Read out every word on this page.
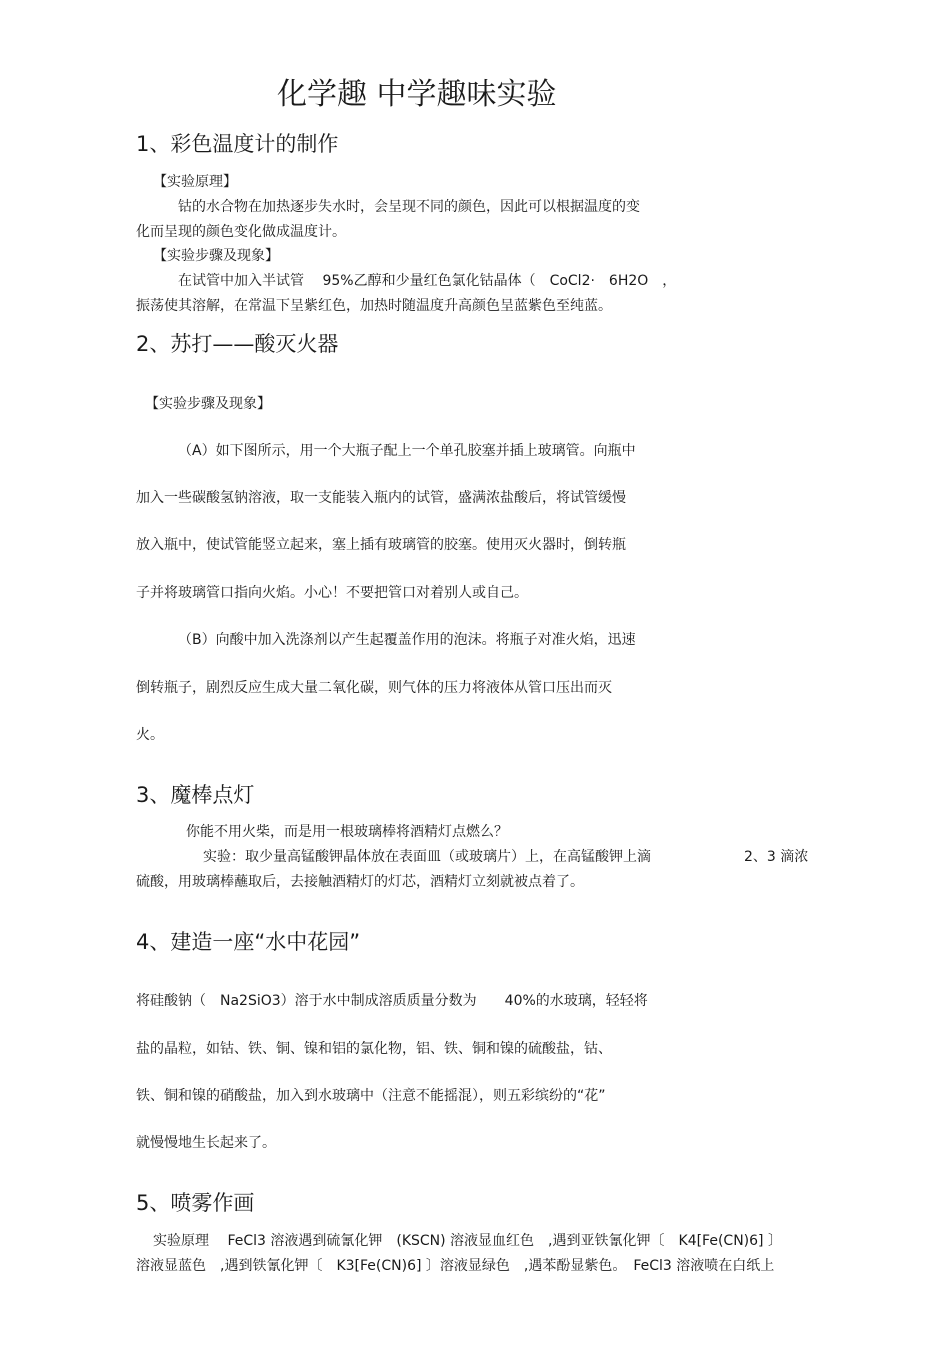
化学趣 中学趣味实验
1、彩色温度计的制作
【实验原理】
钴的水合物在加热逐步失水时，会呈现不同的颜色，因此可以根据温度的变
化而呈现的颜色变化做成温度计。
【实验步骤及现象】
在试管中加入半试管　 95%乙醇和少量红色氯化钴晶体（　CoCl2·　6H2O　，
振荡使其溶解，在常温下呈紫红色，加热时随温度升高颜色呈蓝紫色至纯蓝。
2、苏打——酸灭火器
【实验步骤及现象】
（A）如下图所示，用一个大瓶子配上一个单孔胶塞并插上玻璃管。向瓶中
加入一些碳酸氢钠溶液，取一支能装入瓶内的试管，盛满浓盐酸后，将试管缓慢
放入瓶中，使试管能竖立起来，塞上插有玻璃管的胶塞。使用灭火器时，倒转瓶
子并将玻璃管口指向火焰。小心！不要把管口对着别人或自己。
（B）向酸中加入洗涤剂以产生起覆盖作用的泡沫。将瓶子对准火焰，迅速
倒转瓶子，剧烈反应生成大量二氧化碳，则气体的压力将液体从管口压出而灭
火。
3、魔棒点灯
你能不用火柴，而是用一根玻璃棒将酒精灯点燃么？
实验：取少量高锰酸钾晶体放在表面皿（或玻璃片）上，在高锰酸钾上滴	2、3 滴浓
硫酸，用玻璃棒蘸取后，去接触酒精灯的灯芯，酒精灯立刻就被点着了。
4、建造一座“水中花园”
将硅酸钠（　Na2SiO3）溶于水中制成溶质质量分数为　　40%的水玻璃，轻轻将
盐的晶粒，如钴、铁、铜、镍和铝的氯化物，铝、铁、铜和镍的硫酸盐，钴、
铁、铜和镍的硝酸盐，加入到水玻璃中（注意不能摇混），则五彩缤纷的“花”
就慢慢地生长起来了。
5、喷雾作画
实验原理　 FeCl3 溶液遇到硫氰化钾　(KSCN) 溶液显血红色　,遇到亚铁氰化钾〔　K4[Fe(CN)6] 〕
溶液显蓝色　,遇到铁氰化钾〔　K3[Fe(CN)6] 〕溶液显绿色　,遇苯酚显紫色。　FeCl3 溶液喷在白纸上
